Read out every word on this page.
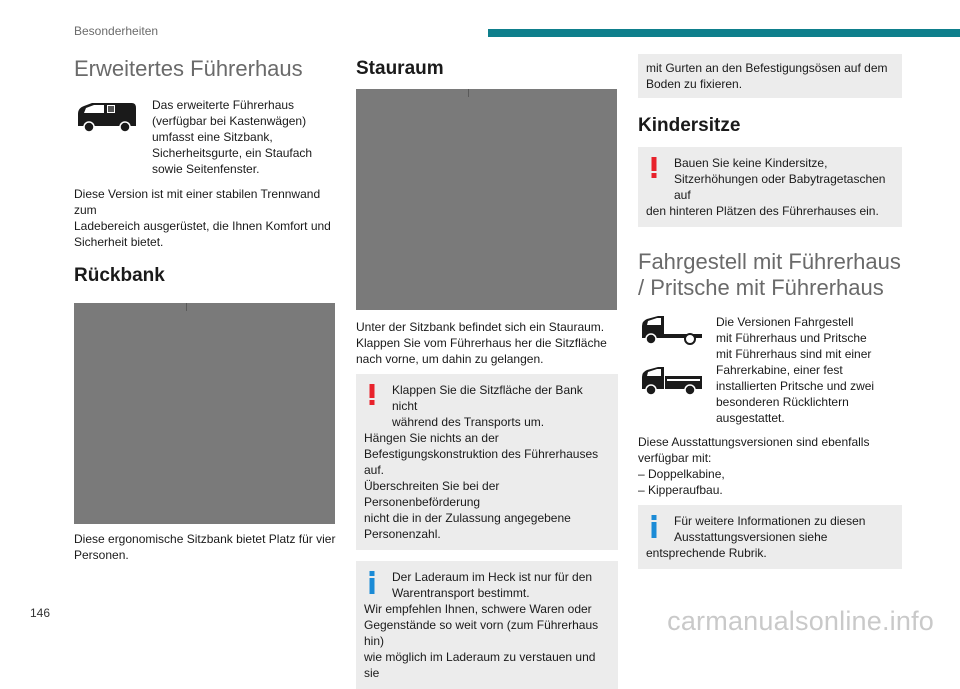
Besonderheiten
Erweitertes Führerhaus
Das erweiterte Führerhaus
(verfügbar bei Kastenwägen)
umfasst eine Sitzbank,
Sicherheitsgurte, ein Staufach
sowie Seitenfenster.
Diese Version ist mit einer stabilen Trennwand zum
Ladebereich ausgerüstet, die Ihnen Komfort und
Sicherheit bietet.
Rückbank
Diese ergonomische Sitzbank bietet Platz für vier
Personen.
Stauraum
Unter der Sitzbank befindet sich ein Stauraum.
Klappen Sie vom Führerhaus her die Sitzfläche
nach vorne, um dahin zu gelangen.
Klappen Sie die Sitzfläche der Bank nicht
während des Transports um.
Hängen Sie nichts an der
Befestigungskonstruktion des Führerhauses auf.
Überschreiten Sie bei der Personenbeförderung
nicht die in der Zulassung angegebene
Personenzahl.
Der Laderaum im Heck ist nur für den
Warentransport bestimmt.
Wir empfehlen Ihnen, schwere Waren oder
Gegenstände so weit vorn (zum Führerhaus hin)
wie möglich im Laderaum zu verstauen und sie
mit Gurten an den Befestigungsösen auf dem
Boden zu fixieren.
Kindersitze
Bauen Sie keine Kindersitze,
Sitzerhöhungen oder Babytragetaschen auf
den hinteren Plätzen des Führerhauses ein.
Fahrgestell mit Führerhaus
/ Pritsche mit Führerhaus
Die Versionen Fahrgestell
mit Führerhaus und Pritsche
mit Führerhaus sind mit einer
Fahrerkabine, einer fest
installierten Pritsche und zwei
besonderen Rücklichtern
ausgestattet.
Diese Ausstattungsversionen sind ebenfalls
verfügbar mit:
– Doppelkabine,
– Kipperaufbau.
Für weitere Informationen zu diesen
Ausstattungsversionen siehe
entsprechende Rubrik.
146	carmanualsonline.info
